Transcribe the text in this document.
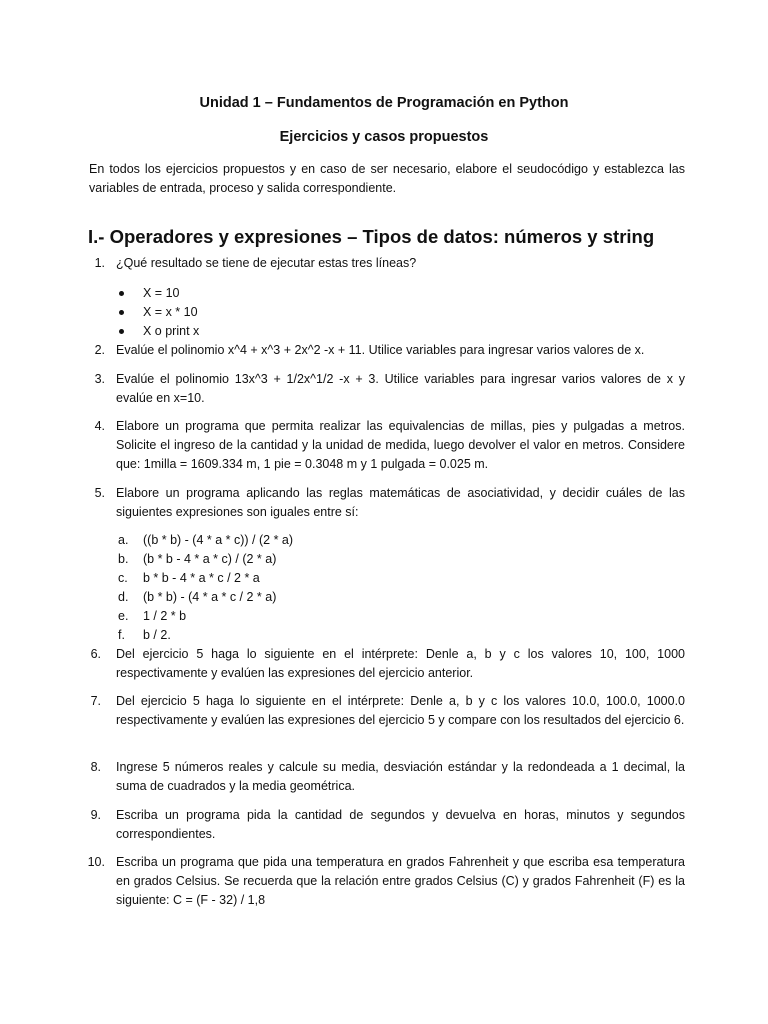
Unidad 1 – Fundamentos de Programación en Python
Ejercicios y casos propuestos

En todos los ejercicios propuestos y en caso de ser necesario, elabore el seudocódigo y establezca las variables de entrada, proceso y salida correspondiente.

I.- Operadores y expresiones – Tipos de datos: números y string
1. ¿Qué resultado se tiene de ejecutar estas tres líneas?

X = 10
X = x * 10
X o print x
2. Evalúe el polinomio x^4 + x^3 + 2x^2 -x + 11. Utilice variables para ingresar varios valores de x.

3. Evalúe el polinomio 13x^3 + 1/2x^1/2 -x + 3. Utilice variables para ingresar varios valores de x y evalúe en x=10.

4. Elabore un programa que permita realizar las equivalencias de millas, pies y pulgadas a metros. Solicite el ingreso de la cantidad y la unidad de medida, luego devolver el valor en metros. Considere que: 1milla = 1609.334 m, 1 pie = 0.3048 m y 1 pulgada = 0.025 m.

5. Elabore un programa aplicando las reglas matemáticas de asociatividad, y decidir cuáles de las siguientes expresiones son iguales entre sí:

a. ((b * b) - (4 * a * c)) / (2 * a)
b. (b * b - 4 * a * c) / (2 * a)
c. b * b - 4 * a * c / 2 * a
d. (b * b) - (4 * a * c / 2 * a)
e. 1 / 2 * b
f. b / 2.
6. Del ejercicio 5 haga lo siguiente en el intérprete: Denle a, b y c los valores 10, 100, 1000 respectivamente y evalúen las expresiones del ejercicio anterior.

7. Del ejercicio 5 haga lo siguiente en el intérprete: Denle a, b y c los valores 10.0, 100.0, 1000.0 respectivamente y evalúen las expresiones del ejercicio 5 y compare con los resultados del ejercicio 6.

8. Ingrese 5 números reales y calcule su media, desviación estándar y la redondeada a 1 decimal, la suma de cuadrados y la media geométrica.

9. Escriba un programa pida la cantidad de segundos y devuelva en horas, minutos y segundos correspondientes.

10. Escriba un programa que pida una temperatura en grados Fahrenheit y que escriba esa temperatura en grados Celsius. Se recuerda que la relación entre grados Celsius (C) y grados Fahrenheit (F) es la siguiente: C = (F - 32) / 1,8
